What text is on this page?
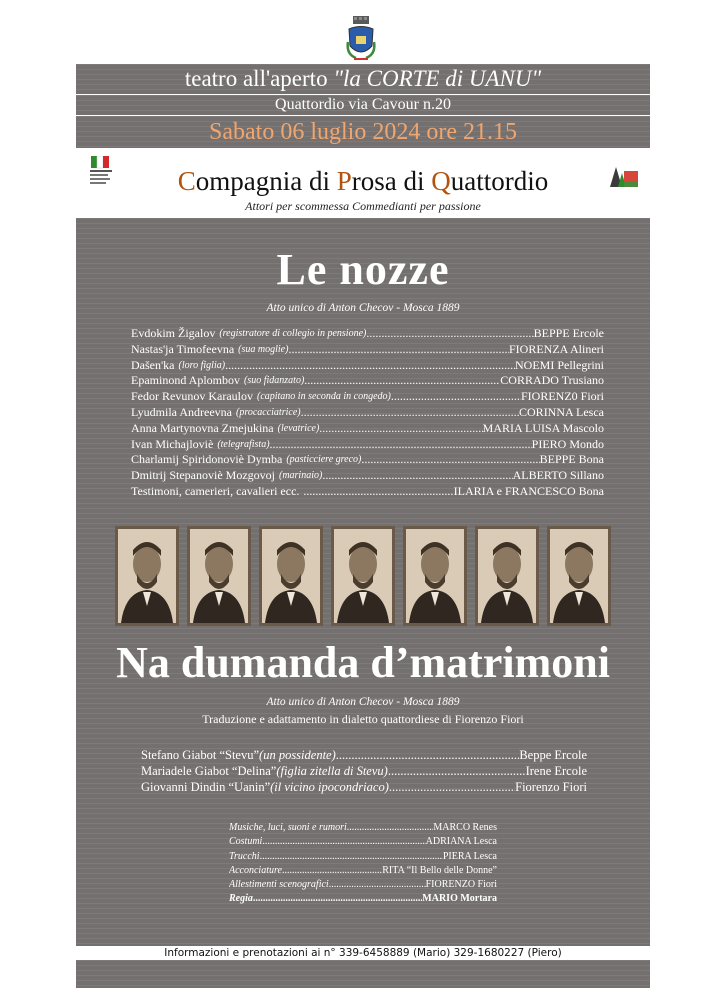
teatro all'aperto "la CORTE di UANU"
Quattordio via Cavour n.20
Sabato 06 luglio 2024 ore 21.15
Compagnia di Prosa di Quattordio
Attori per scommessa Commedianti per passione
Le nozze
Atto unico di Anton Checov - Mosca 1889
Evdokim Žigalov (registratore di collegio in pensione) .....	BEPPE Ercole
Nastas'ja Timofeevna (sua moglie) .....	FIORENZA Alineri
Dašen'ka (loro figlia) .....	NOEMI Pellegrini
Epaminond Aplombov (suo fidanzato) .....	CORRADO Trusiano
Fedor Revunov Karaulov (capitano in seconda in congedo) .....	FIORENZ0 Fiori
Lyudmila Andreevna (procacciatrice) .....	CORINNA Lesca
Anna Martynovna Zmejukina (levatrice) .....	MARIA LUISA Mascolo
Ivan Michajloviè (telegrafista) .....	PIERO Mondo
Charlamij Spiridonoviè Dymba (pasticciere greco) .....	BEPPE Bona
Dmitrij Stepanoviè Mozgovoj (marinaio) .....	ALBERTO Sillano
Testimoni, camerieri, cavalieri ecc. .....	ILARIA e FRANCESCO Bona
Na dumanda d’matrimoni
Atto unico di Anton Checov - Mosca 1889
Traduzione e adattamento in dialetto quattordiese di Fiorenzo Fiori
Stefano Giabot “Stevu” (un possidente) .....	Beppe Ercole
Mariadele Giabot “Delina” (figlia zitella di Stevu) .....	Irene Ercole
Giovanni Dindin “Uanin” (il vicino ipocondriaco) .....	Fiorenzo Fiori
Musiche, luci, suoni e rumori .....	MARCO Renes
Costumi .....	ADRIANA Lesca
Trucchi .....	PIERA Lesca
Acconciature .....	RITA “Il Bello delle Donne”
Allestimenti scenografici .....	FIORENZO Fiori
Regia .....	MARIO Mortara
Informazioni e prenotazioni ai n° 339-6458889 (Mario) 329-1680227 (Piero)
